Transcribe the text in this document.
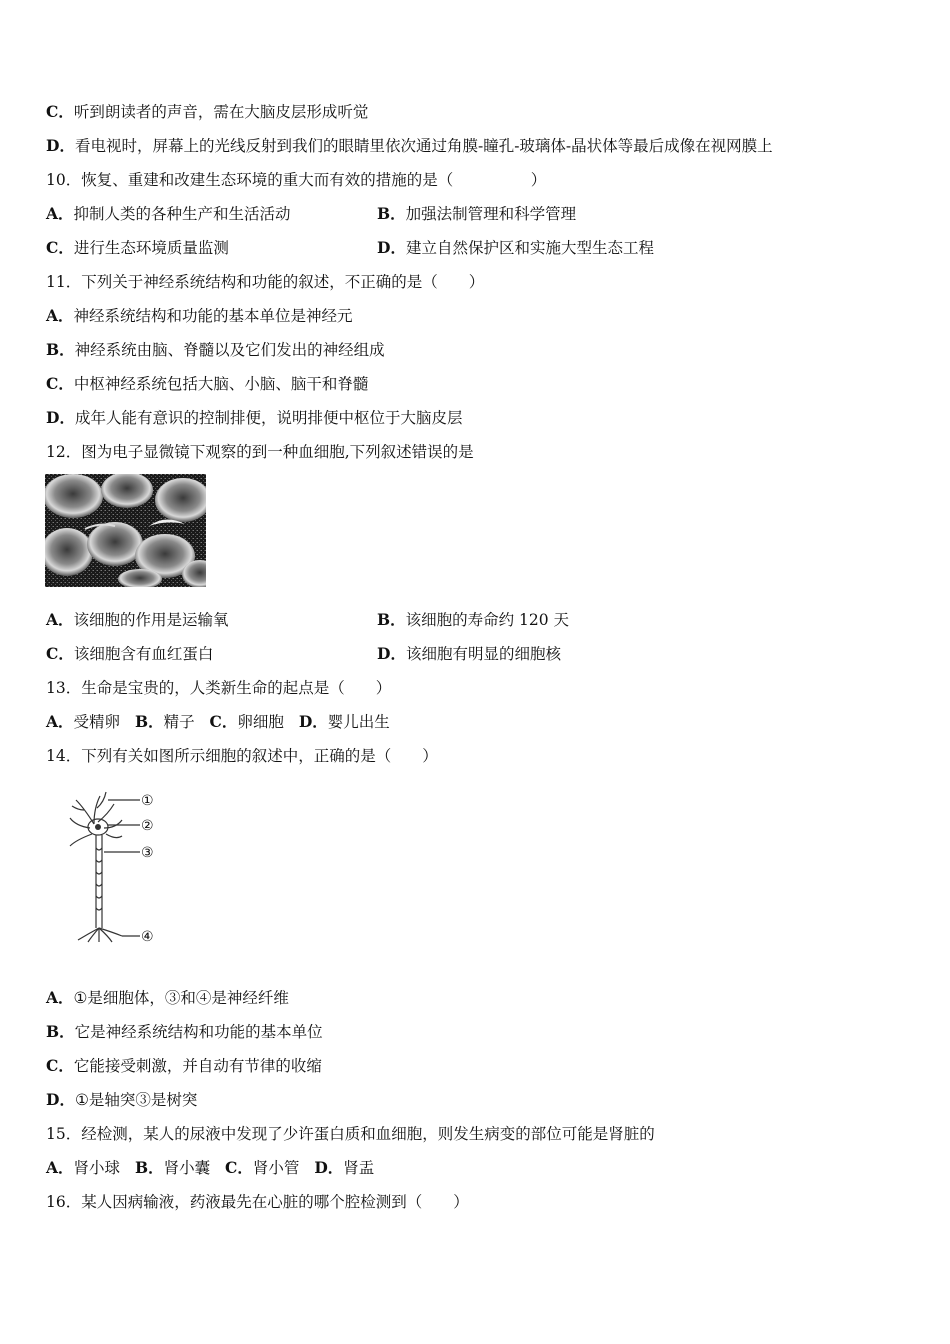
C．听到朗读者的声音，需在大脑皮层形成听觉
D．看电视时，屏幕上的光线反射到我们的眼睛里依次通过角膜-瞳孔-玻璃体-晶状体等最后成像在视网膜上
10．恢复、重建和改建生态环境的重大而有效的措施的是（　　　　　）
A．抑制人类的各种生产和生活活动	B．加强法制管理和科学管理
C．进行生态环境质量监测	D．建立自然保护区和实施大型生态工程
11．下列关于神经系统结构和功能的叙述，不正确的是（　　）
A．神经系统结构和功能的基本单位是神经元
B．神经系统由脑、脊髓以及它们发出的神经组成
C．中枢神经系统包括大脑、小脑、脑干和脊髓
D．成年人能有意识的控制排便，说明排便中枢位于大脑皮层
12．图为电子显微镜下观察的到一种血细胞,下列叙述错误的是
A．该细胞的作用是运输氧	B．该细胞的寿命约 120 天
C．该细胞含有血红蛋白	D．该细胞有明显的细胞核
13．生命是宝贵的，人类新生命的起点是（　　）
A．受精卵 B．精子 C．卵细胞 D．婴儿出生
14．下列有关如图所示细胞的叙述中，正确的是（　　）
①
②
③
④
A．①是细胞体，③和④是神经纤维
B．它是神经系统结构和功能的基本单位
C．它能接受刺激，并自动有节律的收缩
D．①是轴突③是树突
15．经检测，某人的尿液中发现了少许蛋白质和血细胞，则发生病变的部位可能是肾脏的
A．肾小球 B．肾小囊 C．肾小管 D．肾盂
16．某人因病输液，药液最先在心脏的哪个腔检测到（　　）
